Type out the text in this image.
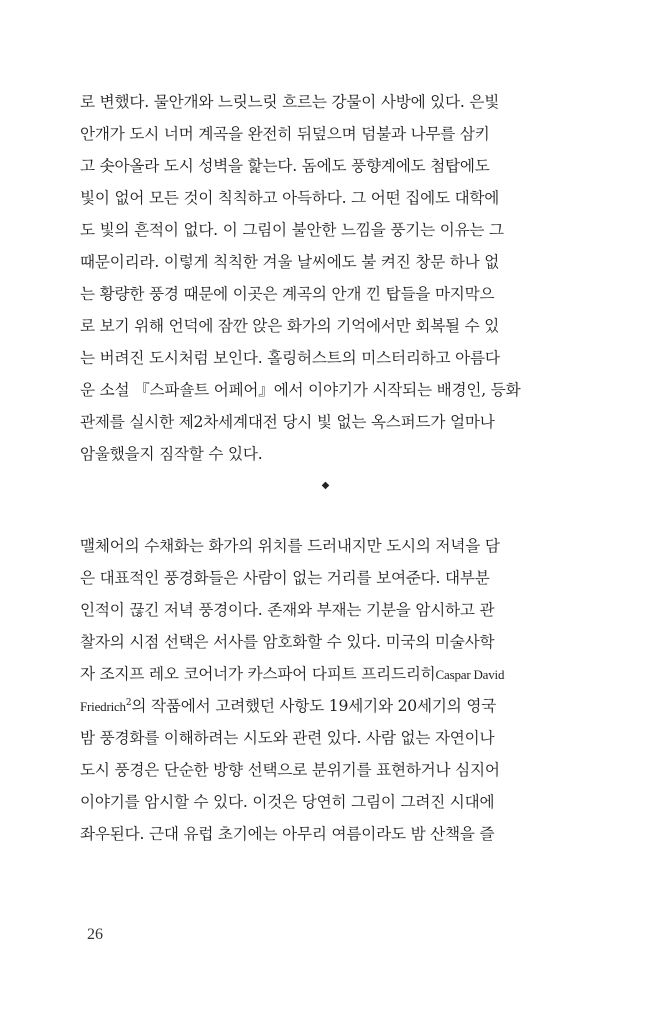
로 변했다. 물안개와 느릿느릿 흐르는 강물이 사방에 있다. 은빛
안개가 도시 너머 계곡을 완전히 뒤덮으며 덤불과 나무를 삼키
고 솟아올라 도시 성벽을 핥는다. 돔에도 풍향계에도 첨탑에도
빛이 없어 모든 것이 칙칙하고 아득하다. 그 어떤 집에도 대학에
도 빛의 흔적이 없다. 이 그림이 불안한 느낌을 풍기는 이유는 그
때문이리라. 이렇게 칙칙한 겨울 날씨에도 불 켜진 창문 하나 없
는 황량한 풍경 때문에 이곳은 계곡의 안개 낀 탑들을 마지막으
로 보기 위해 언덕에 잠깐 앉은 화가의 기억에서만 회복될 수 있
는 버려진 도시처럼 보인다. 홀링허스트의 미스터리하고 아름다
운 소설 『스파숄트 어페어』에서 이야기가 시작되는 배경인, 등화
관제를 실시한 제2차세계대전 당시 빛 없는 옥스퍼드가 얼마나
암울했을지 짐작할 수 있다.
◆
맬체어의 수채화는 화가의 위치를 드러내지만 도시의 저녁을 담
은 대표적인 풍경화들은 사람이 없는 거리를 보여준다. 대부분
인적이 끊긴 저녁 풍경이다. 존재와 부재는 기분을 암시하고 관
찰자의 시점 선택은 서사를 암호화할 수 있다. 미국의 미술사학
자 조지프 레오 코어너가 카스파어 다피트 프리드리히Caspar David
Friedrich$^2$의 작품에서 고려했던 사항도 19세기와 20세기의 영국
밤 풍경화를 이해하려는 시도와 관련 있다. 사람 없는 자연이나
도시 풍경은 단순한 방향 선택으로 분위기를 표현하거나 심지어
이야기를 암시할 수 있다. 이것은 당연히 그림이 그려진 시대에
좌우된다. 근대 유럽 초기에는 아무리 여름이라도 밤 산책을 즐
26
